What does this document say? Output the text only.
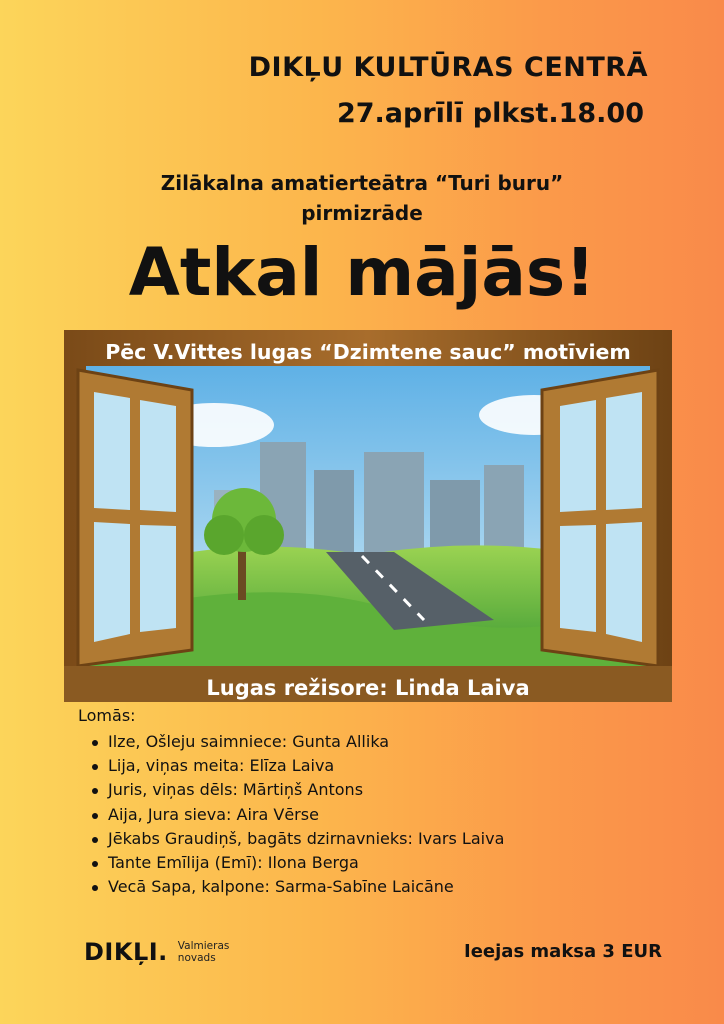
DIKĻU KULTŪRAS CENTRĀ
27.aprīlī plkst.18.00
Zilākalna amatierteātra “Turi buru”
pirmizrāde
Atkal mājās!
Pēc V.Vittes lugas “Dzimtene sauc” motīviem
Lugas režisore: Linda Laiva
Lomās:
Ilze, Ošleju saimniece: Gunta Allika
Lija, viņas meita: Elīza Laiva
Juris, viņas dēls: Mārtiņš Antons
Aija, Jura sieva: Aira Vērse
Jēkabs Graudiņš, bagāts dzirnavnieks: Ivars Laiva
Tante Emīlija (Emī): Ilona Berga
Vecā Sapa, kalpone: Sarma-Sabīne Laicāne
DIKĻI. Valmieras
novads	Ieejas maksa 3 EUR
